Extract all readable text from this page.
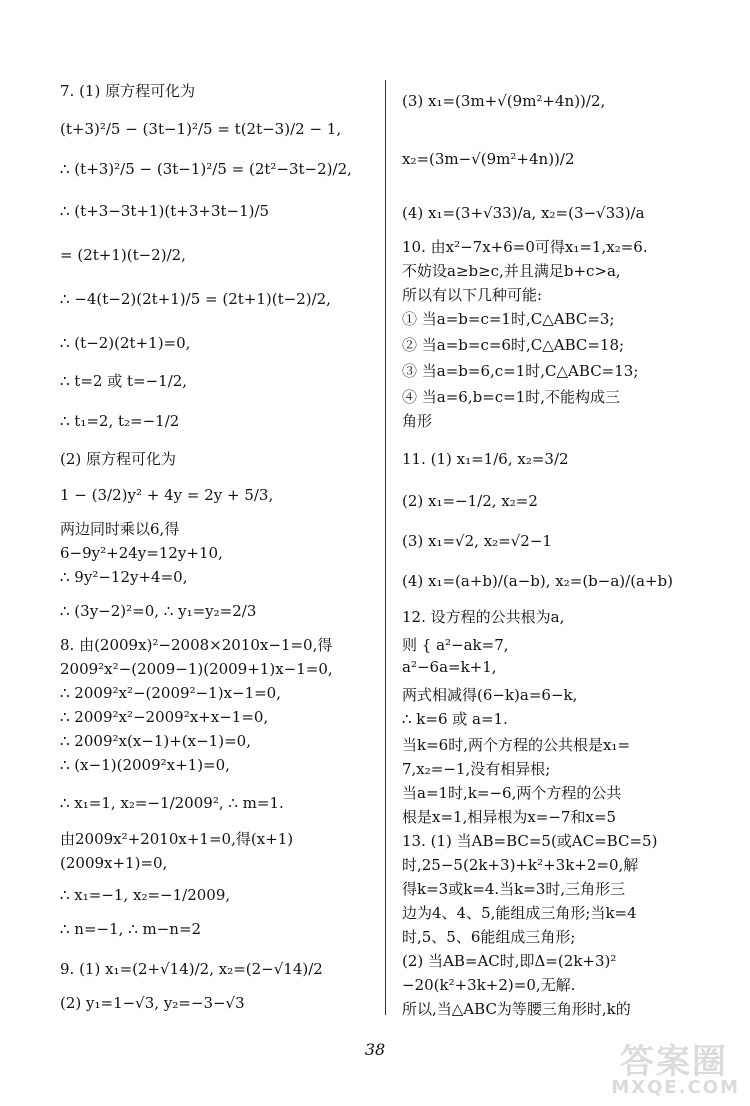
7. (1) 原方程可化为
(t+3)²/5 − (3t−1)²/5 = t(2t−3)/2 − 1,
∴ (t+3)²/5 − (3t−1)²/5 = (2t²−3t−2)/2,
∴ (t+3−3t+1)(t+3+3t−1)/5
= (2t+1)(t−2)/2,
∴ −4(t−2)(2t+1)/5 = (2t+1)(t−2)/2,
∴ (t−2)(2t+1)=0,
∴ t=2 或 t=−1/2,
∴ t₁=2, t₂=−1/2
(2) 原方程可化为
1 − (3/2)y² + 4y = 2y + 5/3,
两边同时乘以6,得
6−9y²+24y=12y+10,
∴ 9y²−12y+4=0,
∴ (3y−2)²=0, ∴ y₁=y₂=2/3
8. 由(2009x)²−2008×2010x−1=0,得
2009²x²−(2009−1)(2009+1)x−1=0,
∴ 2009²x²−(2009²−1)x−1=0,
∴ 2009²x²−2009²x+x−1=0,
∴ 2009²x(x−1)+(x−1)=0,
∴ (x−1)(2009²x+1)=0,
∴ x₁=1, x₂=−1/2009², ∴ m=1.
由2009x²+2010x+1=0,得(x+1)
(2009x+1)=0,
∴ x₁=−1, x₂=−1/2009,
∴ n=−1, ∴ m−n=2
9. (1) x₁=(2+√14)/2, x₂=(2−√14)/2
(2) y₁=1−√3, y₂=−3−√3
(3) x₁=(3m+√(9m²+4n))/2,
x₂=(3m−√(9m²+4n))/2
(4) x₁=(3+√33)/a, x₂=(3−√33)/a
10. 由x²−7x+6=0可得x₁=1,x₂=6.
不妨设a≥b≥c,并且满足b+c>a,
所以有以下几种可能:
① 当a=b=c=1时,C△ABC=3;
② 当a=b=c=6时,C△ABC=18;
③ 当a=b=6,c=1时,C△ABC=13;
④ 当a=6,b=c=1时,不能构成三
角形
11. (1) x₁=1/6, x₂=3/2
(2) x₁=−1/2, x₂=2
(3) x₁=√2, x₂=√2−1
(4) x₁=(a+b)/(a−b), x₂=(b−a)/(a+b)
12. 设方程的公共根为a,
则 { a²−ak=7,
a²−6a=k+1,
两式相减得(6−k)a=6−k,
∴ k=6 或 a=1.
当k=6时,两个方程的公共根是x₁=
7,x₂=−1,没有相异根;
当a=1时,k=−6,两个方程的公共
根是x=1,相异根为x=−7和x=5
13. (1) 当AB=BC=5(或AC=BC=5)
时,25−5(2k+3)+k²+3k+2=0,解
得k=3或k=4.当k=3时,三角形三
边为4、4、5,能组成三角形;当k=4
时,5、5、6能组成三角形;
(2) 当AB=AC时,即Δ=(2k+3)²
−20(k²+3k+2)=0,无解.
所以,当△ABC为等腰三角形时,k的
38	答案圈
MXQE.COM
